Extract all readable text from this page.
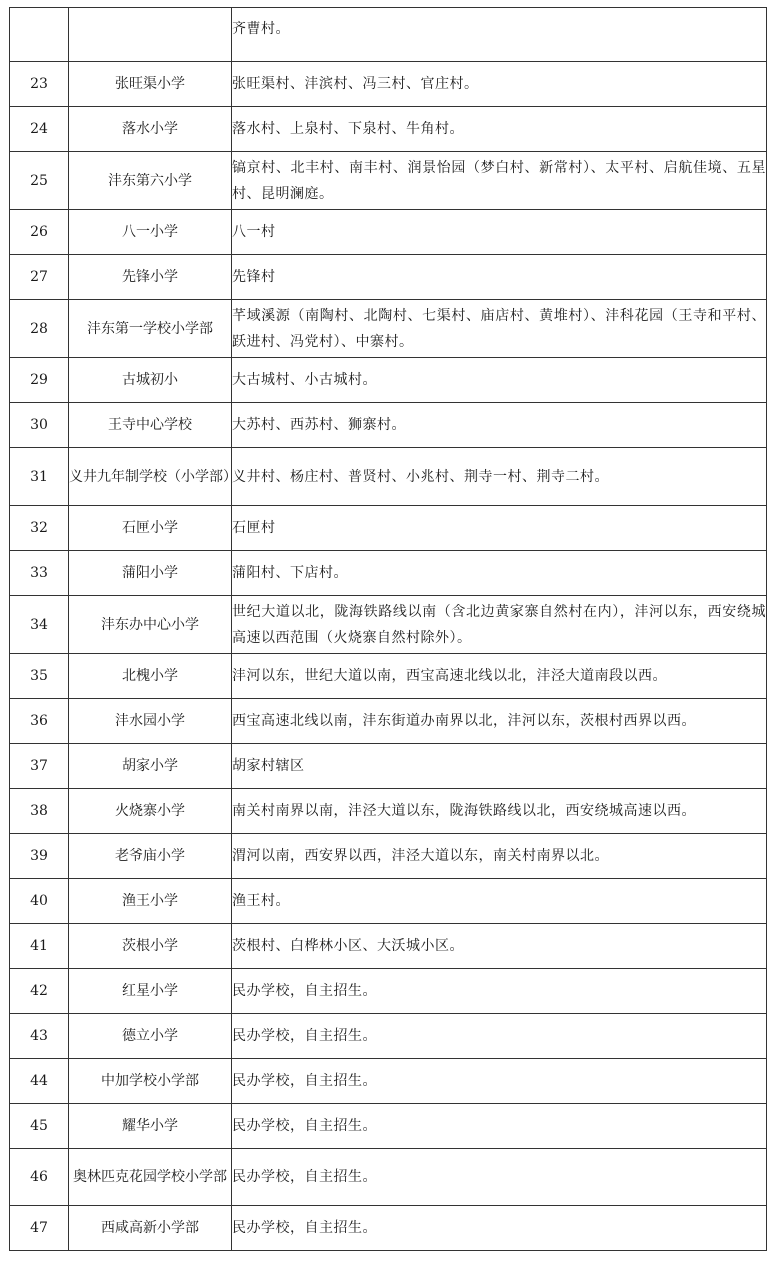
		齐曹村。
23	张旺渠小学	张旺渠村、沣滨村、冯三村、官庄村。
24	落水小学	落水村、上泉村、下泉村、牛角村。
25	沣东第六小学	镐京村、北丰村、南丰村、润景怡园（梦白村、新常村）、太平村、启航佳境、五星村、昆明澜庭。
26	八一小学	八一村
27	先锋小学	先锋村
28	沣东第一学校小学部	芊域溪源（南陶村、北陶村、七渠村、庙店村、黄堆村）、沣科花园（王寺和平村、跃进村、冯党村）、中寨村。
29	古城初小	大古城村、小古城村。
30	王寺中心学校	大苏村、西苏村、狮寨村。
31	义井九年制学校（小学部）	义井村、杨庄村、普贤村、小兆村、荆寺一村、荆寺二村。
32	石匣小学	石匣村
33	蒲阳小学	蒲阳村、下店村。
34	沣东办中心小学	世纪大道以北，陇海铁路线以南（含北边黄家寨自然村在内），沣河以东，西安绕城高速以西范围（火烧寨自然村除外）。
35	北槐小学	沣河以东，世纪大道以南，西宝高速北线以北，沣泾大道南段以西。
36	沣水园小学	西宝高速北线以南，沣东街道办南界以北，沣河以东，茨根村西界以西。
37	胡家小学	胡家村辖区
38	火烧寨小学	南关村南界以南，沣泾大道以东，陇海铁路线以北，西安绕城高速以西。
39	老爷庙小学	渭河以南，西安界以西，沣泾大道以东，南关村南界以北。
40	渔王小学	渔王村。
41	茨根小学	茨根村、白桦林小区、大沃城小区。
42	红星小学	民办学校，自主招生。
43	德立小学	民办学校，自主招生。
44	中加学校小学部	民办学校，自主招生。
45	耀华小学	民办学校，自主招生。
46	奥林匹克花园学校小学部	民办学校，自主招生。
47	西咸高新小学部	民办学校，自主招生。
